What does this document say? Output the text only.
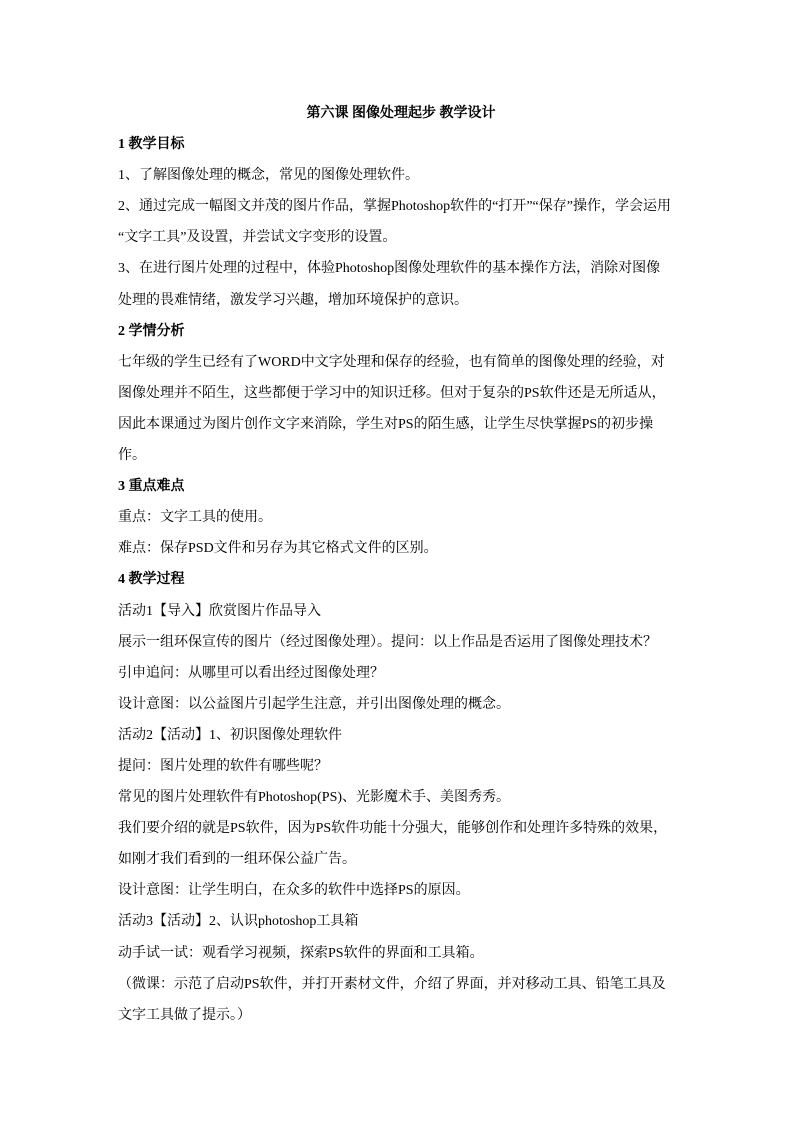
第六课 图像处理起步 教学设计
1 教学目标
1、了解图像处理的概念，常见的图像处理软件。
2、通过完成一幅图文并茂的图片作品，掌握Photoshop软件的“打开”“保存”操作，学会运用
“文字工具”及设置，并尝试文字变形的设置。
3、在进行图片处理的过程中，体验Photoshop图像处理软件的基本操作方法，消除对图像
处理的畏难情绪，激发学习兴趣，增加环境保护的意识。
2 学情分析
七年级的学生已经有了WORD中文字处理和保存的经验，也有简单的图像处理的经验，对
图像处理并不陌生，这些都便于学习中的知识迁移。但对于复杂的PS软件还是无所适从，
因此本课通过为图片创作文字来消除，学生对PS的陌生感，让学生尽快掌握PS的初步操
作。
3 重点难点
重点：文字工具的使用。
难点：保存PSD文件和另存为其它格式文件的区别。
4 教学过程
活动1【导入】欣赏图片作品导入
展示一组环保宣传的图片（经过图像处理）。提问：以上作品是否运用了图像处理技术？
引申追问：从哪里可以看出经过图像处理？
设计意图：以公益图片引起学生注意，并引出图像处理的概念。
活动2【活动】1、初识图像处理软件
提问：图片处理的软件有哪些呢？
常见的图片处理软件有Photoshop(PS)、光影魔术手、美图秀秀。
我们要介绍的就是PS软件，因为PS软件功能十分强大，能够创作和处理许多特殊的效果，
如刚才我们看到的一组环保公益广告。
设计意图：让学生明白，在众多的软件中选择PS的原因。
活动3【活动】2、认识photoshop工具箱
动手试一试：观看学习视频，探索PS软件的界面和工具箱。
（微课：示范了启动PS软件，并打开素材文件，介绍了界面，并对移动工具、铅笔工具及
文字工具做了提示。）
